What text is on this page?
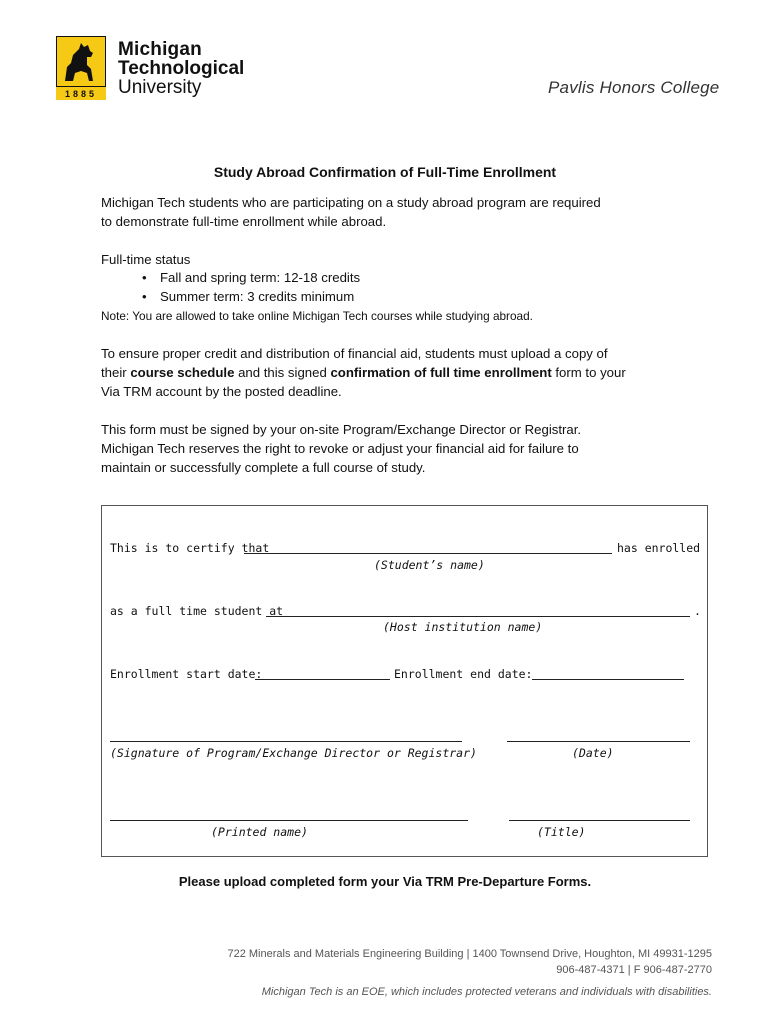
1885
Michigan
Technological
University	Pavlis Honors College
Study Abroad Confirmation of Full-Time Enrollment
Michigan Tech students who are participating on a study abroad program are required
to demonstrate full-time enrollment while abroad.
Full-time status
• Fall and spring term: 12-18 credits
• Summer term: 3 credits minimum
Note: You are allowed to take online Michigan Tech courses while studying abroad.
To ensure proper credit and distribution of financial aid, students must upload a copy of
their course schedule and this signed confirmation of full time enrollment form to your
Via TRM account by the posted deadline.
This form must be signed by your on-site Program/Exchange Director or Registrar.
Michigan Tech reserves the right to revoke or adjust your financial aid for failure to
maintain or successfully complete a full course of study.
This is to certify that	has enrolled
(Student’s name)
as a full time student at	.
(Host institution name)
Enrollment start date:	Enrollment end date:
(Signature of Program/Exchange Director or Registrar)	(Date)
(Printed name)	(Title)
Please upload completed form your Via TRM Pre-Departure Forms.
722 Minerals and Materials Engineering Building | 1400 Townsend Drive, Houghton, MI 49931-1295
906-487-4371 | F 906-487-2770
Michigan Tech is an EOE, which includes protected veterans and individuals with disabilities.
